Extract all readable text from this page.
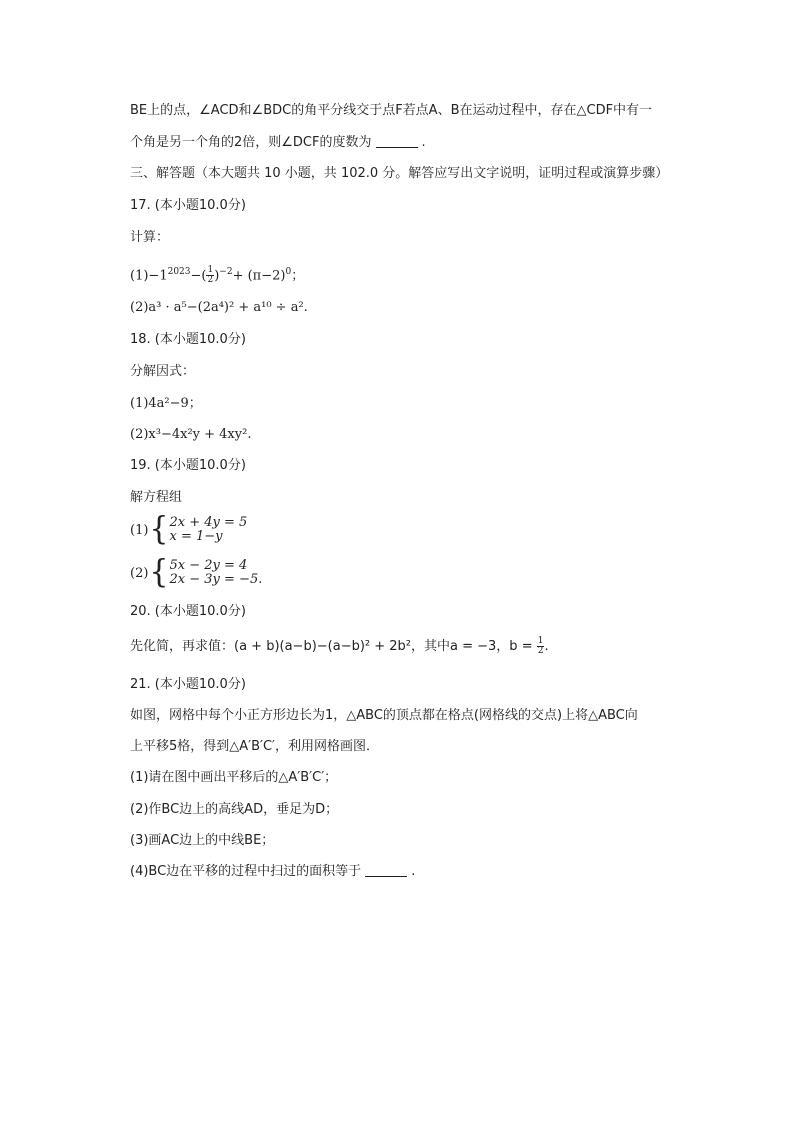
BE上的点，∠ACD和∠BDC的角平分线交于点F若点A、B在运动过程中，存在△CDF中有一
个角是另一个角的2倍，则∠DCF的度数为	.
三、解答题（本大题共 10 小题，共 102.0 分。解答应写出文字说明，证明过程或演算步骤）
17. (本小题10.0分)
计算：
$(1)-1^{2023}-( \frac{1}{2} )^{-2}+ (\pi-2)^0$；
(2)a³ · a⁵−(2a⁴)² + a¹⁰ ÷ a².
18. (本小题10.0分)
分解因式：
(1)4a²−9；
(2)x³−4x²y + 4xy².
19. (本小题10.0分)
解方程组
(1) { 2x + 4y = 5
x = 1−y
(2) { 5x − 2y = 4
2x − 3y = −5.
20. (本小题10.0分)
先化简，再求值：(a + b)(a−b)−(a−b)² + 2b²，其中a = −3，$b = \frac{1}{2}$ .
21. (本小题10.0分)
如图，网格中每个小正方形边长为1，△ABC的顶点都在格点(网格线的交点)上将△ABC向
上平移5格，得到△A′B′C′，利用网格画图．
(1)请在图中画出平移后的△A′B′C′；
(2)作BC边上的高线AD，垂足为D；
(3)画AC边上的中线BE；
(4)BC边在平移的过程中扫过的面积等于	.
